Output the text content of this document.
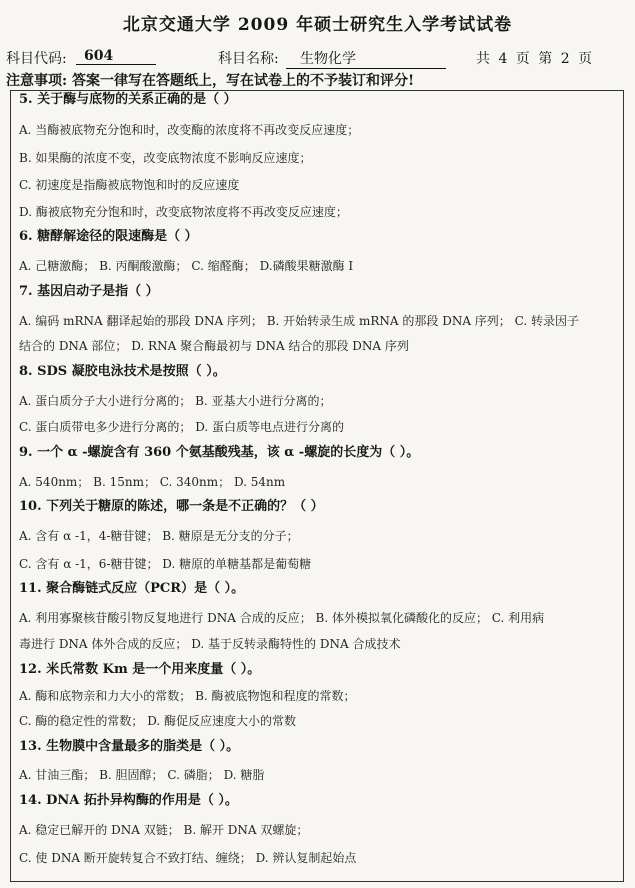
北京交通大学 2009 年硕士研究生入学考试试卷
科目代码:	604	科目名称:	生物化学	共 4 页 第 2 页
注意事项: 答案一律写在答题纸上，写在试卷上的不予装订和评分!
5. 关于酶与底物的关系正确的是（ ）
A. 当酶被底物充分饱和时，改变酶的浓度将不再改变反应速度；
B. 如果酶的浓度不变，改变底物浓度不影响反应速度；
C. 初速度是指酶被底物饱和时的反应速度
D. 酶被底物充分饱和时，改变底物浓度将不再改变反应速度；
6. 糖酵解途径的限速酶是（ ）
A. 己糖激酶； B. 丙酮酸激酶； C. 缩醛酶； D.磷酸果糖激酶 I
7. 基因启动子是指（ ）
A. 编码 mRNA 翻译起始的那段 DNA 序列； B. 开始转录生成 mRNA 的那段 DNA 序列； C. 转录因子
结合的 DNA 部位； D. RNA 聚合酶最初与 DNA 结合的那段 DNA 序列
8. SDS 凝胶电泳技术是按照（ ）。
A. 蛋白质分子大小进行分离的； B. 亚基大小进行分离的；
C. 蛋白质带电多少进行分离的； D. 蛋白质等电点进行分离的
9. 一个 α -螺旋含有 360 个氨基酸残基，该 α -螺旋的长度为（ ）。
A. 540nm； B. 15nm； C. 340nm； D. 54nm
10. 下列关于糖原的陈述，哪一条是不正确的？（ ）
A. 含有 α -1，4-糖苷键； B. 糖原是无分支的分子；
C. 含有 α -1，6-糖苷键； D. 糖原的单糖基都是葡萄糖
11. 聚合酶链式反应（PCR）是（ ）。
A. 利用寡聚核苷酸引物反复地进行 DNA 合成的反应； B. 体外模拟氧化磷酸化的反应； C. 利用病
毒进行 DNA 体外合成的反应； D. 基于反转录酶特性的 DNA 合成技术
12. 米氏常数 Km 是一个用来度量（ ）。
A. 酶和底物亲和力大小的常数； B. 酶被底物饱和程度的常数；
C. 酶的稳定性的常数； D. 酶促反应速度大小的常数
13. 生物膜中含量最多的脂类是（ ）。
A. 甘油三酯； B. 胆固醇； C. 磷脂； D. 糖脂
14. DNA 拓扑异构酶的作用是（ ）。
A. 稳定已解开的 DNA 双链； B. 解开 DNA 双螺旋；
C. 使 DNA 断开旋转复合不致打结、缠绕； D. 辨认复制起始点
